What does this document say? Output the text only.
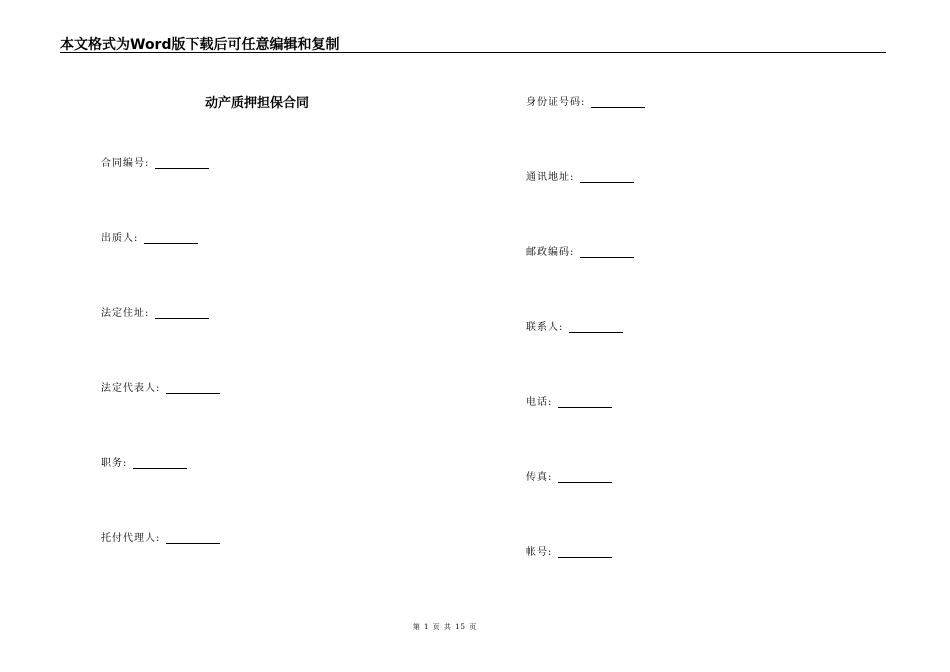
本文格式为Word版下载后可任意编辑和复制
动产质押担保合同
合同编号:
出质人:
法定住址:
法定代表人:
职务:
托付代理人:
身份证号码:
通讯地址:
邮政编码:
联系人:
电话:
传真:
帐号:
第 1 页 共 15 页
